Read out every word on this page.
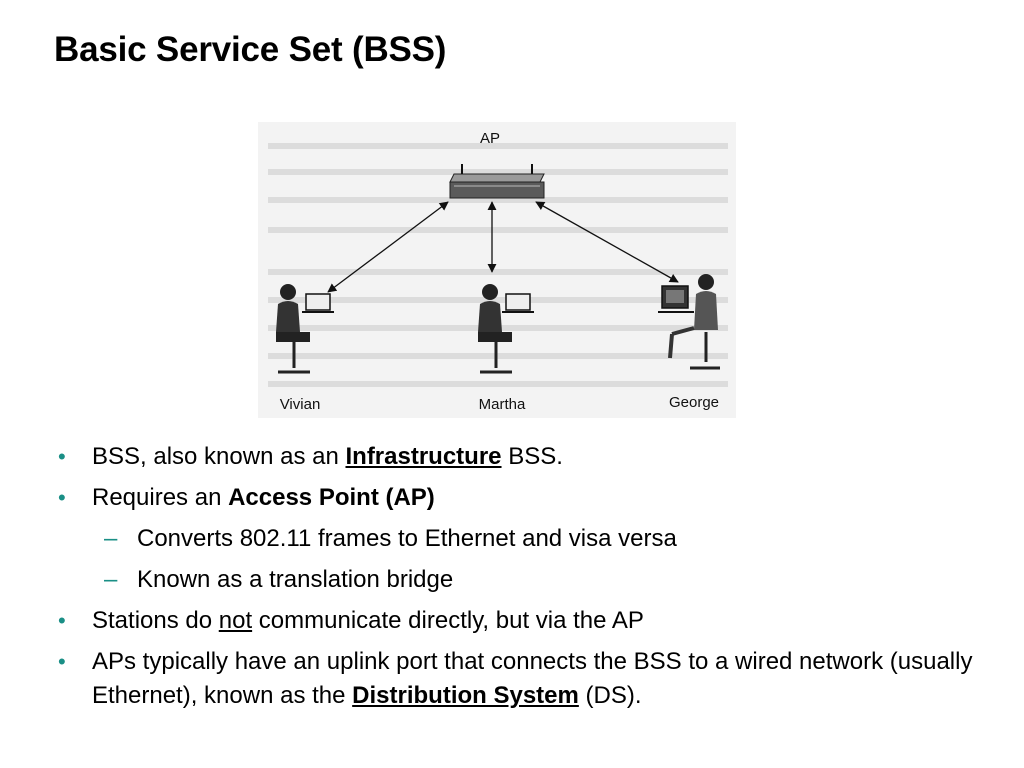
Basic Service Set (BSS)
AP
Vivian	Martha	George
• BSS, also known as an Infrastructure BSS.
• Requires an Access Point (AP)
– Converts 802.11 frames to Ethernet and visa versa
– Known as a translation bridge
• Stations do not communicate directly, but via the AP
• APs typically have an uplink port that connects the BSS to a wired network (usually Ethernet), known as the Distribution System (DS).
